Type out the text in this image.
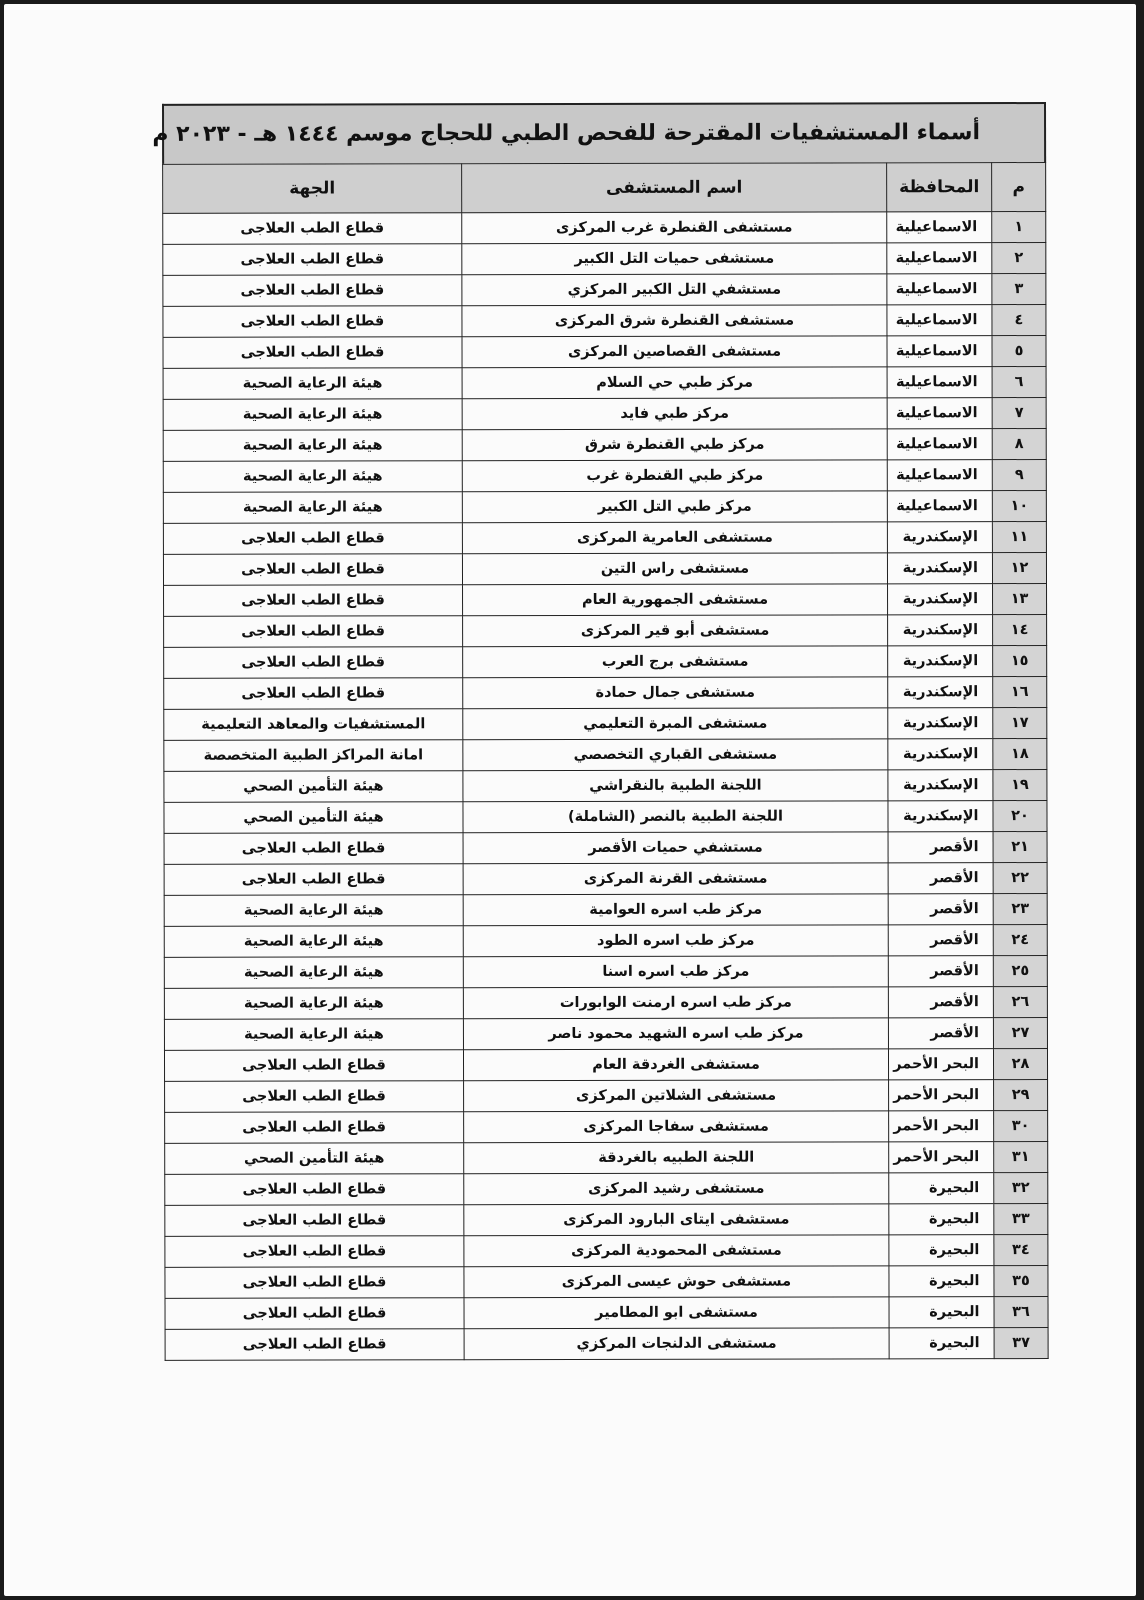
أسماء المستشفيات المقترحة للفحص الطبي للحجاج موسم ١٤٤٤ هـ - ٢٠٢٣ م
م	المحافظة	اسم المستشفى	الجهة
١	الاسماعيلية	مستشفى القنطرة غرب المركزى	قطاع الطب العلاجى
٢	الاسماعيلية	مستشفى حميات التل الكبير	قطاع الطب العلاجى
٣	الاسماعيلية	مستشفي التل الكبير المركزي	قطاع الطب العلاجى
٤	الاسماعيلية	مستشفى القنطرة شرق المركزى	قطاع الطب العلاجى
٥	الاسماعيلية	مستشفى القصاصين المركزى	قطاع الطب العلاجى
٦	الاسماعيلية	مركز طبي حي السلام	هيئة الرعاية الصحية
٧	الاسماعيلية	مركز طبي فايد	هيئة الرعاية الصحية
٨	الاسماعيلية	مركز طبي القنطرة شرق	هيئة الرعاية الصحية
٩	الاسماعيلية	مركز طبي القنطرة غرب	هيئة الرعاية الصحية
١٠	الاسماعيلية	مركز طبي التل الكبير	هيئة الرعاية الصحية
١١	الإسكندرية	مستشفى العامرية المركزى	قطاع الطب العلاجى
١٢	الإسكندرية	مستشفى راس التين	قطاع الطب العلاجى
١٣	الإسكندرية	مستشفى الجمهورية العام	قطاع الطب العلاجى
١٤	الإسكندرية	مستشفى أبو قير المركزى	قطاع الطب العلاجى
١٥	الإسكندرية	مستشفى برج العرب	قطاع الطب العلاجى
١٦	الإسكندرية	مستشفى جمال حمادة	قطاع الطب العلاجى
١٧	الإسكندرية	مستشفى المبرة التعليمي	المستشفيات والمعاهد التعليمية
١٨	الإسكندرية	مستشفى القباري التخصصي	امانة المراكز الطبية المتخصصة
١٩	الإسكندرية	اللجنة الطبية بالنقراشي	هيئة التأمين الصحي
٢٠	الإسكندرية	اللجنة الطبية بالنصر (الشاملة)	هيئة التأمين الصحي
٢١	الأقصر	مستشفي حميات الأقصر	قطاع الطب العلاجى
٢٢	الأقصر	مستشفى القرنة المركزى	قطاع الطب العلاجى
٢٣	الأقصر	مركز طب اسره العوامية	هيئة الرعاية الصحية
٢٤	الأقصر	مركز طب اسره الطود	هيئة الرعاية الصحية
٢٥	الأقصر	مركز طب اسره اسنا	هيئة الرعاية الصحية
٢٦	الأقصر	مركز طب اسره ارمنت الوابورات	هيئة الرعاية الصحية
٢٧	الأقصر	مركز طب اسره الشهيد محمود ناصر	هيئة الرعاية الصحية
٢٨	البحر الأحمر	مستشفى الغردقة العام	قطاع الطب العلاجى
٢٩	البحر الأحمر	مستشفى الشلاتين المركزى	قطاع الطب العلاجى
٣٠	البحر الأحمر	مستشفى سفاجا المركزى	قطاع الطب العلاجى
٣١	البحر الأحمر	اللجنة الطبيه بالغردقة	هيئة التأمين الصحي
٣٢	البحيرة	مستشفى رشيد المركزى	قطاع الطب العلاجى
٣٣	البحيرة	مستشفى ايتاى البارود المركزى	قطاع الطب العلاجى
٣٤	البحيرة	مستشفى المحمودية المركزى	قطاع الطب العلاجى
٣٥	البحيرة	مستشفى حوش عيسى المركزى	قطاع الطب العلاجى
٣٦	البحيرة	مستشفى ابو المطامير	قطاع الطب العلاجى
٣٧	البحيرة	مستشفى الدلنجات المركزي	قطاع الطب العلاجى
